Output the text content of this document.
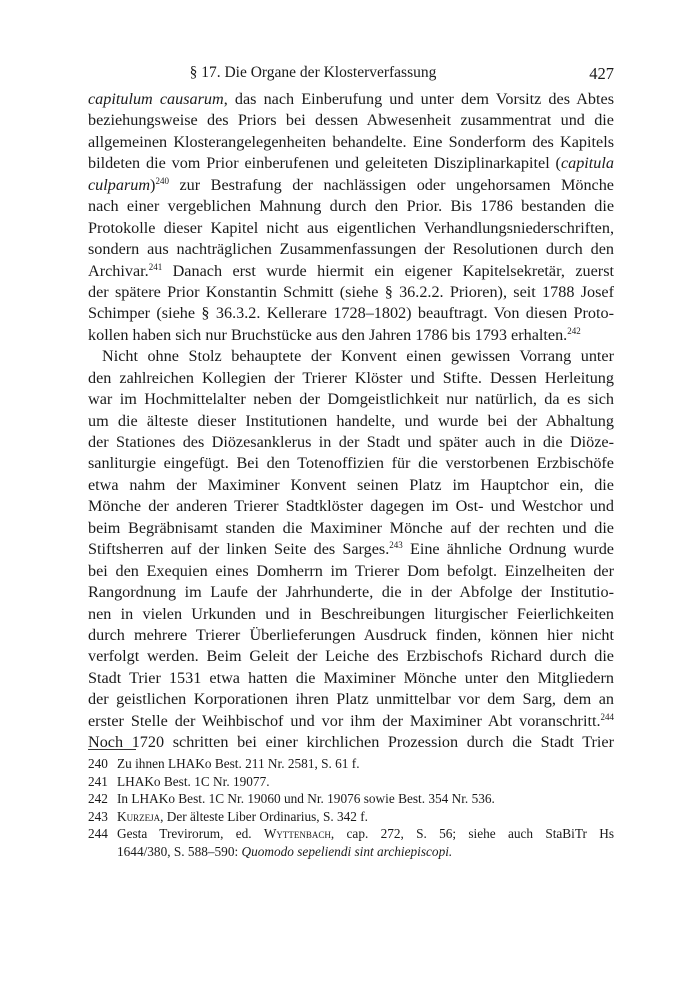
§ 17. Die Organe der Klosterverfassung	427
capitulum causarum, das nach Einberufung und unter dem Vorsitz des Abtes
beziehungsweise des Priors bei dessen Abwesenheit zusammentrat und die
allgemeinen Klosterangelegenheiten behandelte. Eine Sonderform des Kapitels
bildeten die vom Prior einberufenen und geleiteten Disziplinarkapitel (capitula
culparum)$^{240}$ zur Bestrafung der nachlässigen oder ungehorsamen Mönche
nach einer vergeblichen Mahnung durch den Prior. Bis 1786 bestanden die
Protokolle dieser Kapitel nicht aus eigentlichen Verhandlungsniederschriften,
sondern aus nachträglichen Zusammenfassungen der Resolutionen durch den
Archivar.$^{241}$ Danach erst wurde hiermit ein eigener Kapitelsekretär, zuerst
der spätere Prior Konstantin Schmitt (siehe § 36.2.2. Prioren), seit 1788 Josef
Schimper (siehe § 36.3.2. Kellerare 1728–1802) beauftragt. Von diesen Proto-
kollen haben sich nur Bruchstücke aus den Jahren 1786 bis 1793 erhalten.$^{242}$
Nicht ohne Stolz behauptete der Konvent einen gewissen Vorrang unter
den zahlreichen Kollegien der Trierer Klöster und Stifte. Dessen Herleitung
war im Hochmittelalter neben der Domgeistlichkeit nur natürlich, da es sich
um die älteste dieser Institutionen handelte, und wurde bei der Abhaltung
der Stationes des Diözesanklerus in der Stadt und später auch in die Diöze-
sanliturgie eingefügt. Bei den Totenoffizien für die verstorbenen Erzbischöfe
etwa nahm der Maximiner Konvent seinen Platz im Hauptchor ein, die
Mönche der anderen Trierer Stadtklöster dagegen im Ost- und Westchor und
beim Begräbnisamt standen die Maximiner Mönche auf der rechten und die
Stiftsherren auf der linken Seite des Sarges.$^{243}$ Eine ähnliche Ordnung wurde
bei den Exequien eines Domherrn im Trierer Dom befolgt. Einzelheiten der
Rangordnung im Laufe der Jahrhunderte, die in der Abfolge der Institutio-
nen in vielen Urkunden und in Beschreibungen liturgischer Feierlichkeiten
durch mehrere Trierer Überlieferungen Ausdruck finden, können hier nicht
verfolgt werden. Beim Geleit der Leiche des Erzbischofs Richard durch die
Stadt Trier 1531 etwa hatten die Maximiner Mönche unter den Mitgliedern
der geistlichen Korporationen ihren Platz unmittelbar vor dem Sarg, dem an
erster Stelle der Weihbischof und vor ihm der Maximiner Abt voranschritt.$^{244}$
Noch 1720 schritten bei einer kirchlichen Prozession durch die Stadt Trier
240 Zu ihnen LHAKo Best. 211 Nr. 2581, S. 61 f.
241 LHAKo Best. 1C Nr. 19077.
242 In LHAKo Best. 1C Nr. 19060 und Nr. 19076 sowie Best. 354 Nr. 536.
243 Kurzeja, Der älteste Liber Ordinarius, S. 342 f.
244 Gesta Trevirorum, ed. Wyttenbach, cap. 272, S. 56; siehe auch StaBiTr Hs
1644/380, S. 588–590: Quomodo sepeliendi sint archiepiscopi.
